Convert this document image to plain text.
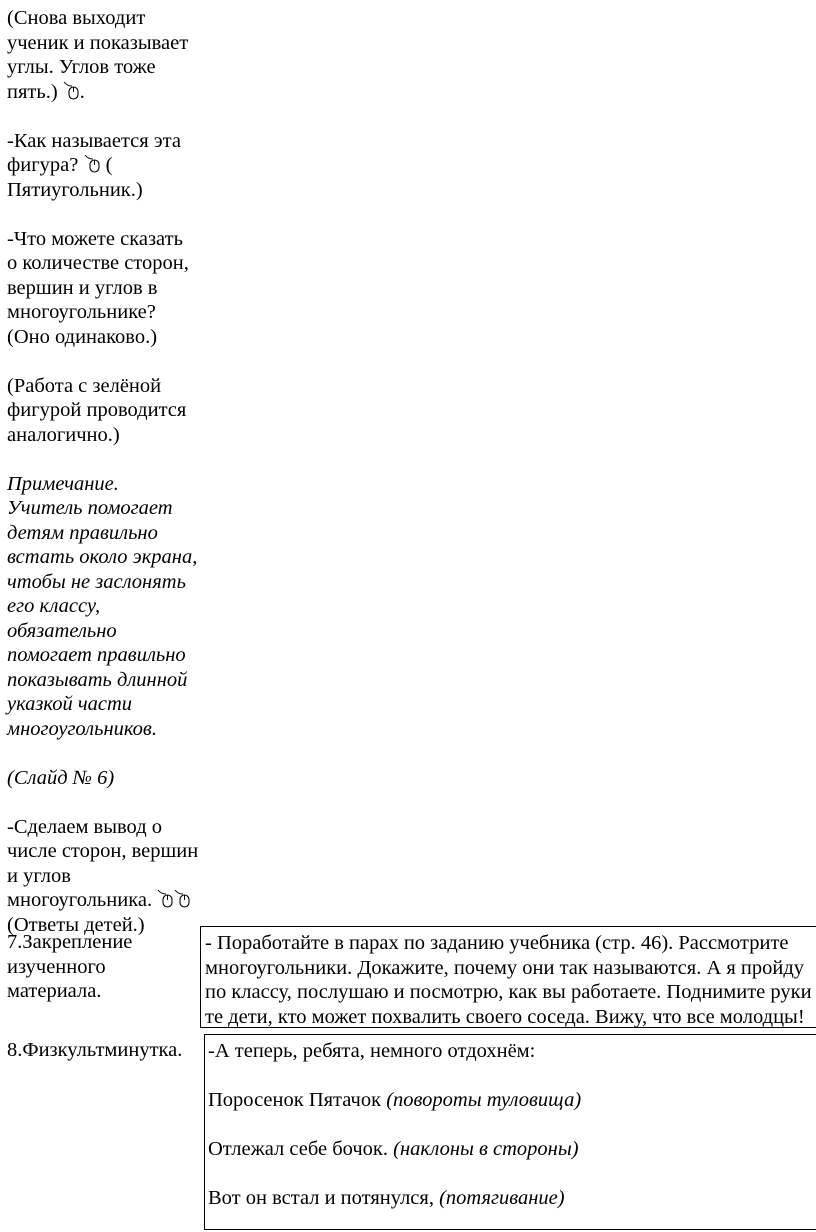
(Снова выходит
ученик и показывает
углы. Углов тоже
пять.) .

-Как называется эта
фигура?  (
Пятиугольник.)

-Что можете сказать
о количестве сторон,
вершин и углов в
многоугольнике?
(Оно одинаково.)

(Работа с зелёной
фигурой проводится
аналогично.)

Примечание.
Учитель помогает
детям правильно
встать около экрана,
чтобы не заслонять
его классу,
обязательно
помогает правильно
показывать длинной
указкой части
многоугольников.

(Слайд № 6)

-Сделаем вывод о
числе сторон, вершин
и углов
многоугольника.
(Ответы детей.)

7.Закрепление
изученного
материала.

- Поработайте в парах по заданию учебника (стр. 46). Рассмотрите
многоугольники. Докажите, почему они так называются. А я пройду
по классу, послушаю и посмотрю, как вы работаете. Поднимите руки
те дети, кто может похвалить своего соседа. Вижу, что все молодцы!

8.Физкультминутка.	-А теперь, ребята, немного отдохнём:
Поросенок Пятачок (повороты туловища)
Отлежал себе бочок. (наклоны в стороны)
Вот он встал и потянулся, (потягивание)
